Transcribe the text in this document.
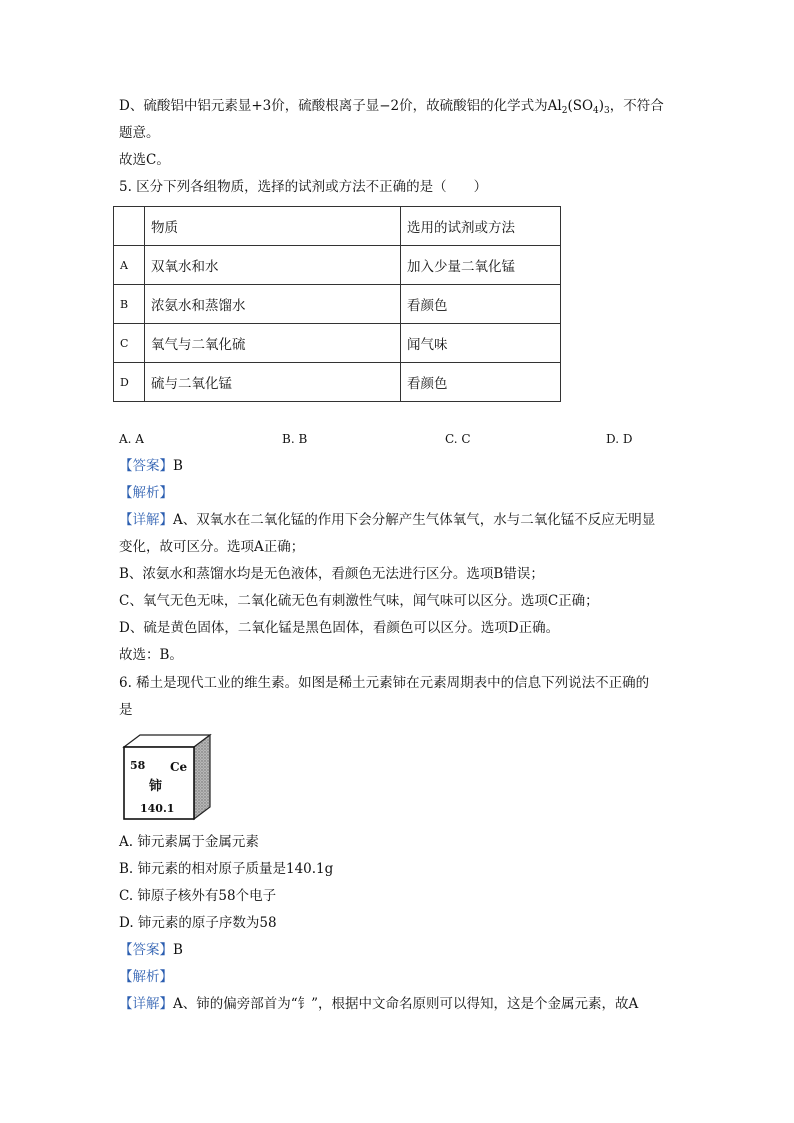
D、硫酸铝中铝元素显+3价，硫酸根离子显−2价，故硫酸铝的化学式为$Al_2(SO_4)_3$，不符合
题意。
故选C。
5. 区分下列各组物质，选择的试剂或方法不正确的是（　　）
	物质	选用的试剂或方法
A	双氧水和水	加入少量二氧化锰
B	浓氨水和蒸馏水	看颜色
C	氧气与二氧化硫	闻气味
D	硫与二氧化锰	看颜色
A. A	B. B	C. C	D. D
【答案】B
【解析】
【详解】A、双氧水在二氧化锰的作用下会分解产生气体氧气，水与二氧化锰不反应无明显
变化，故可区分。选项A正确；
B、浓氨水和蒸馏水均是无色液体，看颜色无法进行区分。选项B错误；
C、氧气无色无味，二氧化硫无色有刺激性气味，闻气味可以区分。选项C正确；
D、硫是黄色固体，二氧化锰是黑色固体，看颜色可以区分。选项D正确。
故选：B。
6. 稀土是现代工业的维生素。如图是稀土元素铈在元素周期表中的信息下列说法不正确的
是
58 Ce
铈
140.1
A. 铈元素属于金属元素
B. 铈元素的相对原子质量是140.1g
C. 铈原子核外有58个电子
D. 铈元素的原子序数为58
【答案】B
【解析】
【详解】A、铈的偏旁部首为“钅”，根据中文命名原则可以得知，这是个金属元素，故A
